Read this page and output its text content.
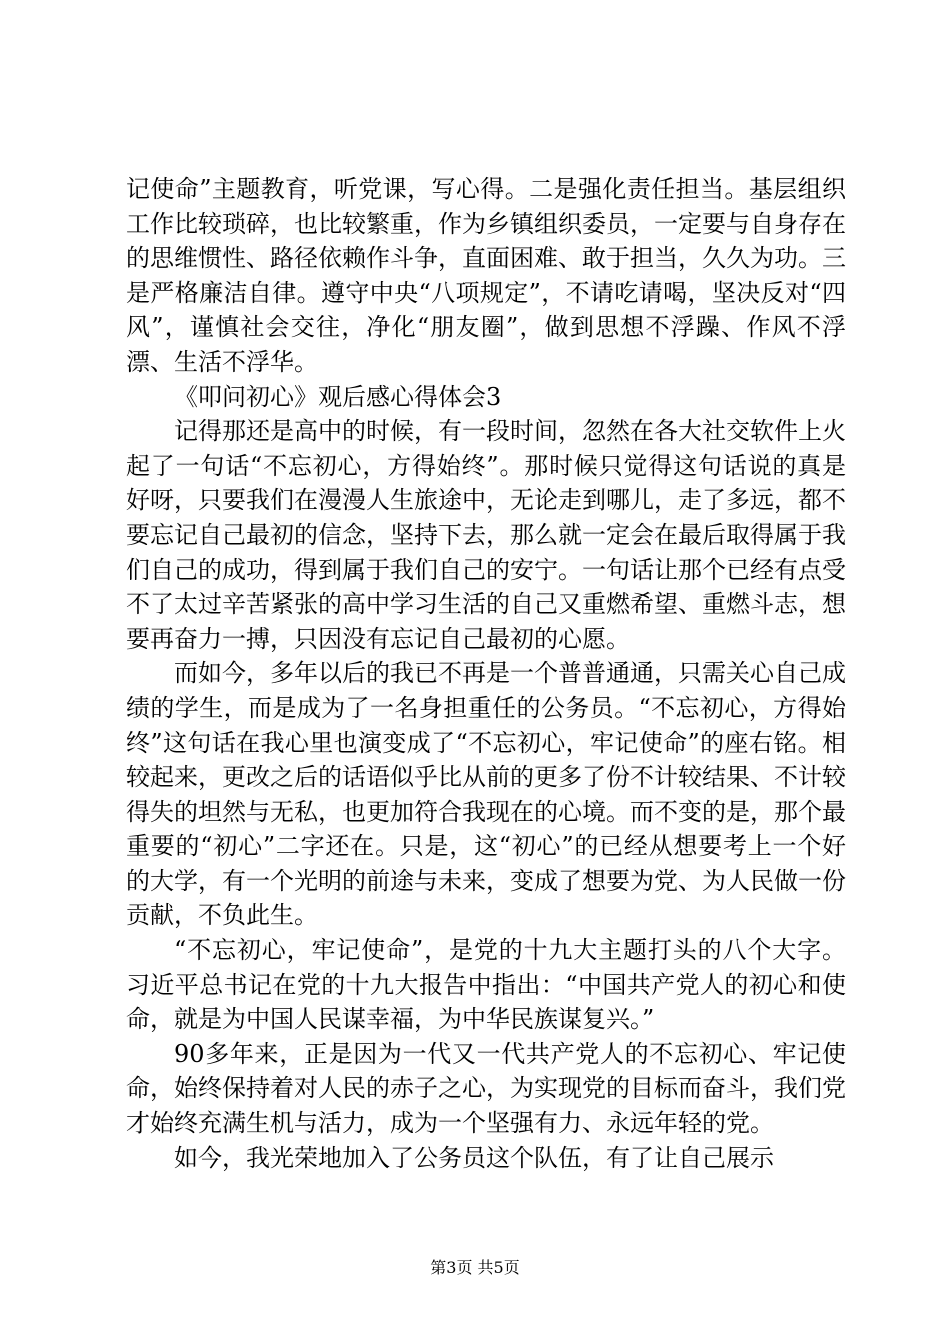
记使命”主题教育，听党课，写心得。二是强化责任担当。基层组织工作比较琐碎，也比较繁重，作为乡镇组织委员，一定要与自身存在的思维惯性、路径依赖作斗争，直面困难、敢于担当，久久为功。三是严格廉洁自律。遵守中央“八项规定”，不请吃请喝，坚决反对“四风”，谨慎社会交往，净化“朋友圈”，做到思想不浮躁、作风不浮漂、生活不浮华。

《叩问初心》观后感心得体会3

记得那还是高中的时候，有一段时间，忽然在各大社交软件上火起了一句话“不忘初心，方得始终”。那时候只觉得这句话说的真是好呀，只要我们在漫漫人生旅途中，无论走到哪儿，走了多远，都不要忘记自己最初的信念，坚持下去，那么就一定会在最后取得属于我们自己的成功，得到属于我们自己的安宁。一句话让那个已经有点受不了太过辛苦紧张的高中学习生活的自己又重燃希望、重燃斗志，想要再奋力一搏，只因没有忘记自己最初的心愿。

而如今，多年以后的我已不再是一个普普通通，只需关心自己成绩的学生，而是成为了一名身担重任的公务员。“不忘初心，方得始终”这句话在我心里也演变成了“不忘初心，牢记使命”的座右铭。相较起来，更改之后的话语似乎比从前的更多了份不计较结果、不计较得失的坦然与无私，也更加符合我现在的心境。而不变的是，那个最重要的“初心”二字还在。只是，这“初心”的已经从想要考上一个好的大学，有一个光明的前途与未来，变成了想要为党、为人民做一份贡献，不负此生。

“不忘初心，牢记使命”，是党的十九大主题打头的八个大字。习近平总书记在党的十九大报告中指出：“中国共产党人的初心和使命，就是为中国人民谋幸福，为中华民族谋复兴。”

90多年来，正是因为一代又一代共产党人的不忘初心、牢记使命，始终保持着对人民的赤子之心，为实现党的目标而奋斗，我们党才始终充满生机与活力，成为一个坚强有力、永远年轻的党。

如今，我光荣地加入了公务员这个队伍，有了让自己展示

第3页 共5页
